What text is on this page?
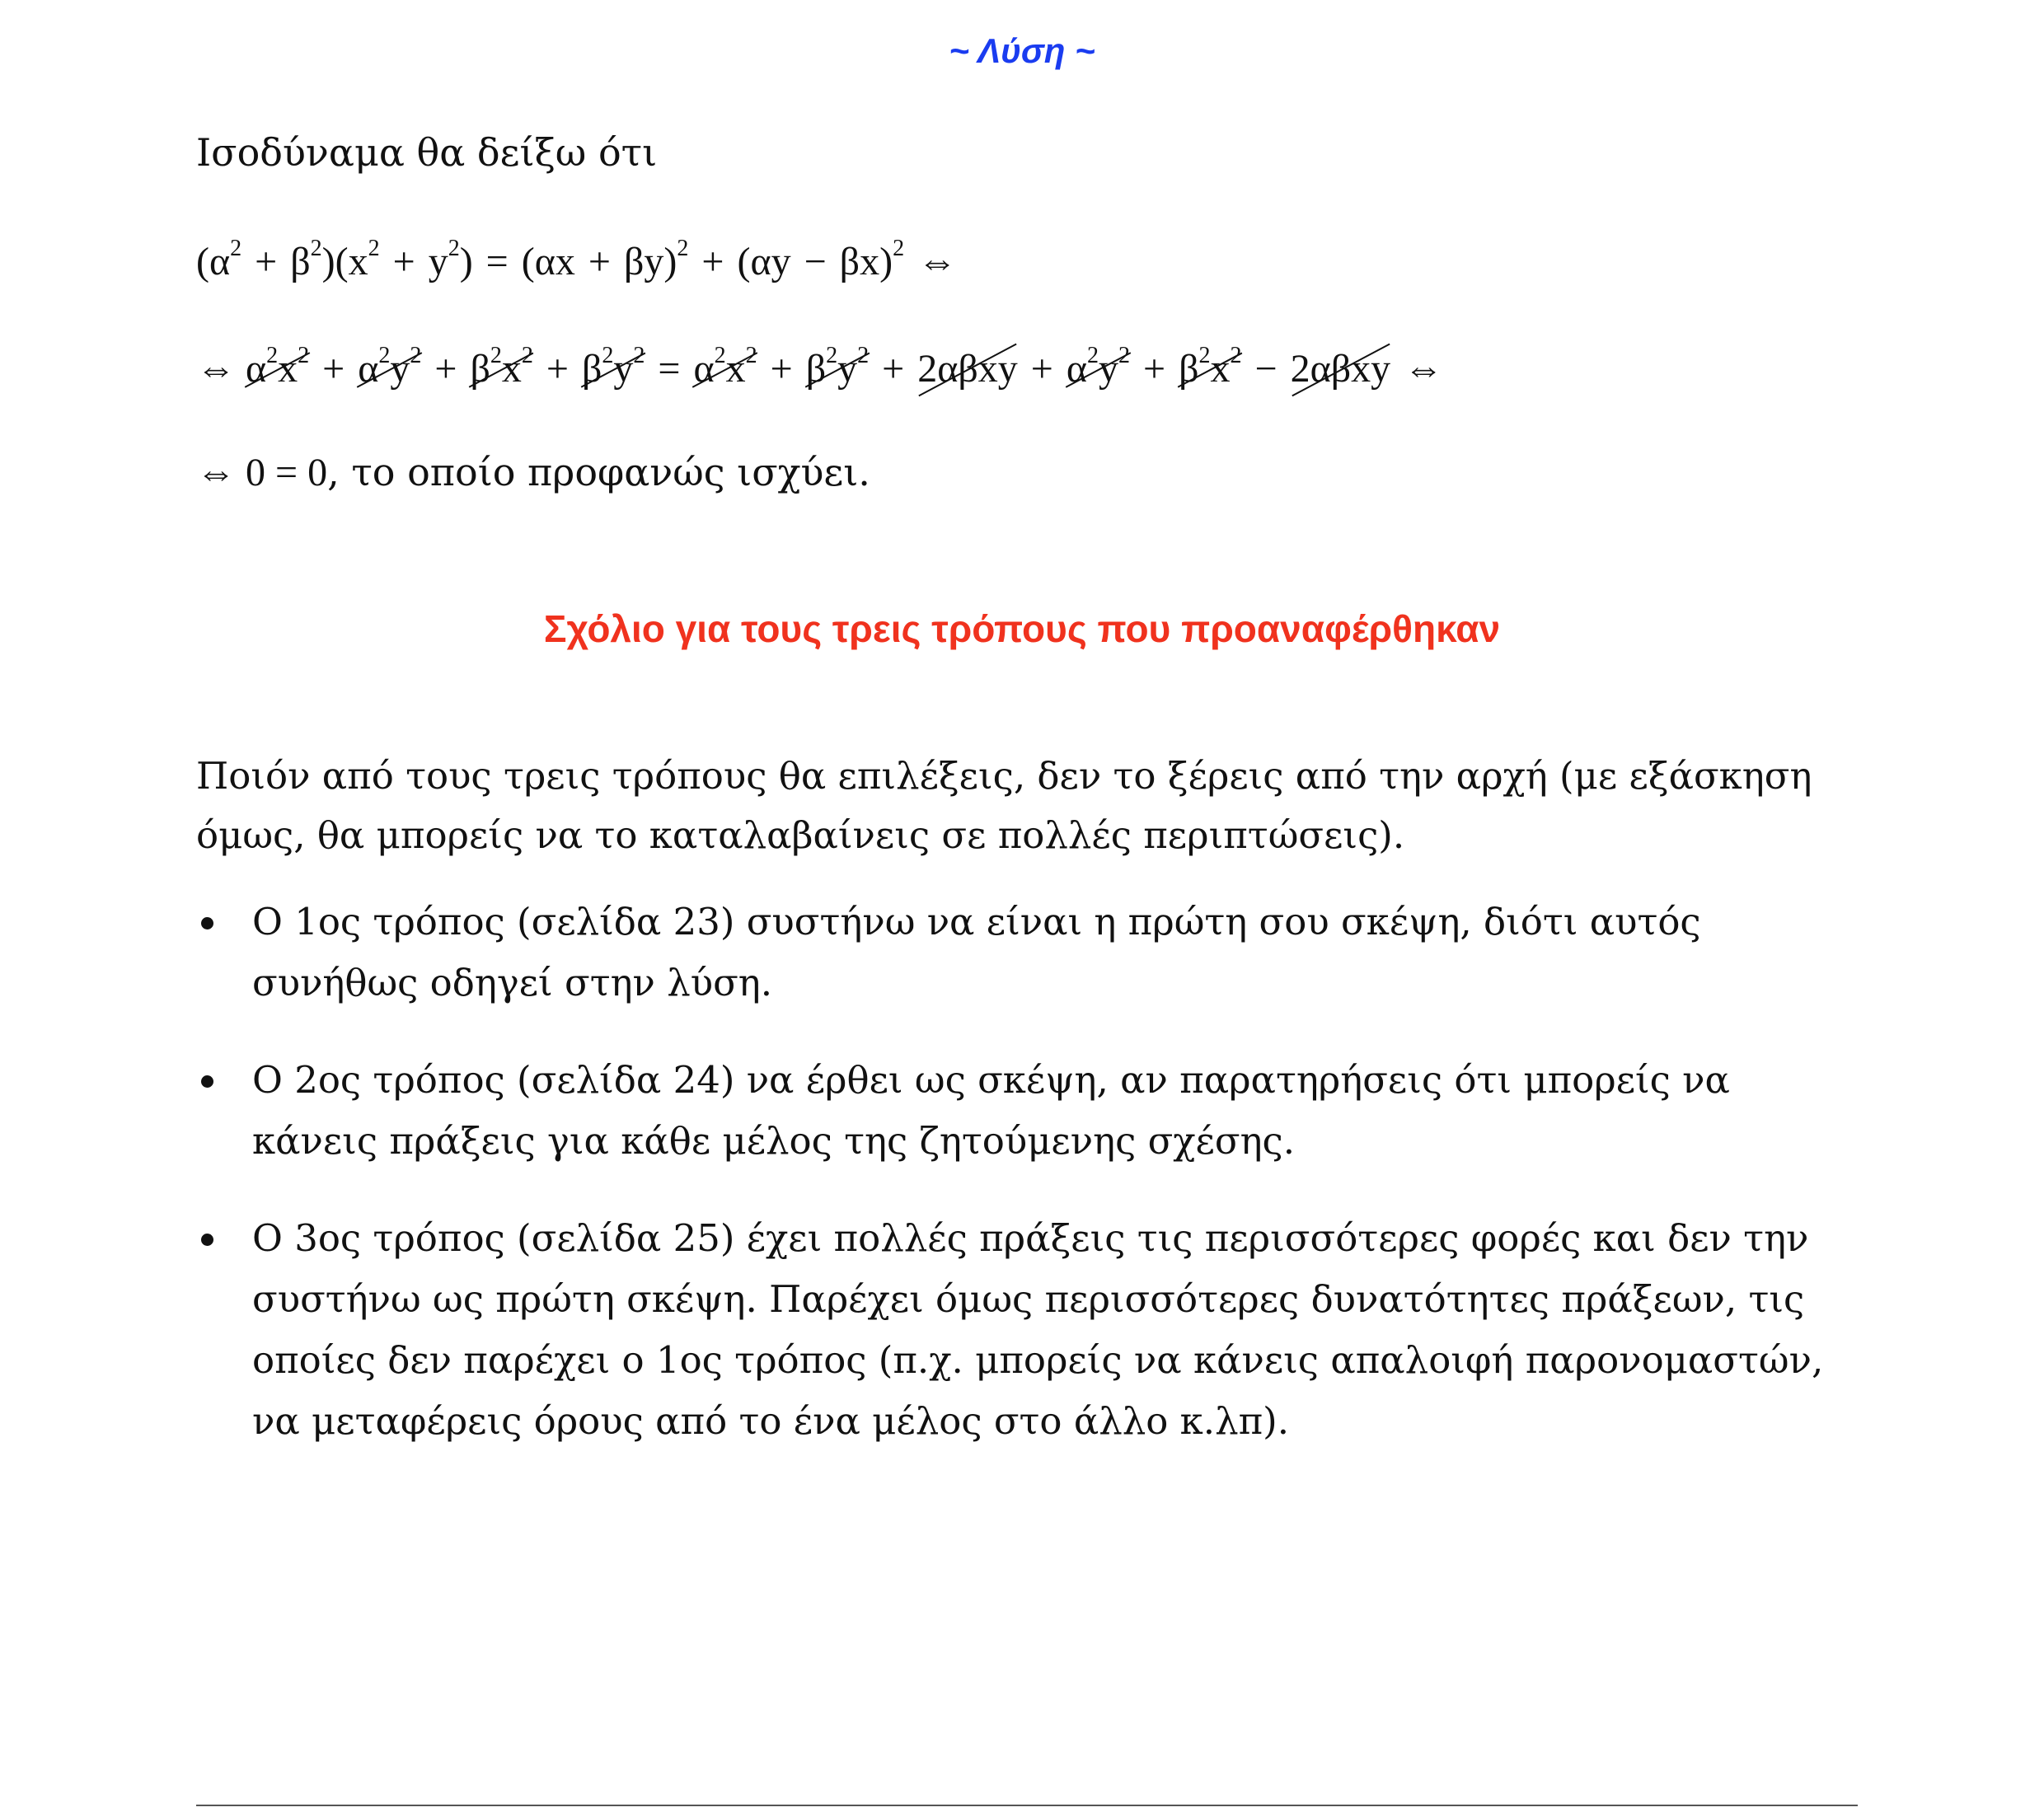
~ Λύση ~
Ισοδύναμα θα δείξω ότι
$(\alpha^2 + \beta^2)(x^2 + y^2) = (\alpha x + \beta y)^2 + (\alpha y - \beta x)^2$ ⇔
⇔ $\alpha^2x^2 + \alpha^2y^2 + \beta^2x^2 + \beta^2y^2 = \alpha^2x^2 + \beta^2y^2 + 2\alpha\beta xy + \alpha^2y^2 + \beta^2x^2 - 2\alpha\beta xy$ ⇔
⇔ 0 = 0, το οποίο προφανώς ισχύει.
Σχόλιο για τους τρεις τρόπους που προαναφέρθηκαν
Ποιόν από τους τρεις τρόπους θα επιλέξεις, δεν το ξέρεις από την αρχή (με εξάσκηση όμως, θα μπορείς να το καταλαβαίνεις σε πολλές περιπτώσεις).
Ο 1ος τρόπος (σελίδα 23) συστήνω να είναι η πρώτη σου σκέψη, διότι αυτός συνήθως οδηγεί στην λύση.
Ο 2ος τρόπος (σελίδα 24) να έρθει ως σκέψη, αν παρατηρήσεις ότι μπορείς να κάνεις πράξεις για κάθε μέλος της ζητούμενης σχέσης.
Ο 3ος τρόπος (σελίδα 25) έχει πολλές πράξεις τις περισσότερες φορές και δεν την συστήνω ως πρώτη σκέψη. Παρέχει όμως περισσότερες δυνατότητες πράξεων, τις οποίες δεν παρέχει ο 1ος τρόπος (π.χ. μπορείς να κάνεις απαλοιφή παρονομαστών, να μεταφέρεις όρους από το ένα μέλος στο άλλο κ.λπ).
